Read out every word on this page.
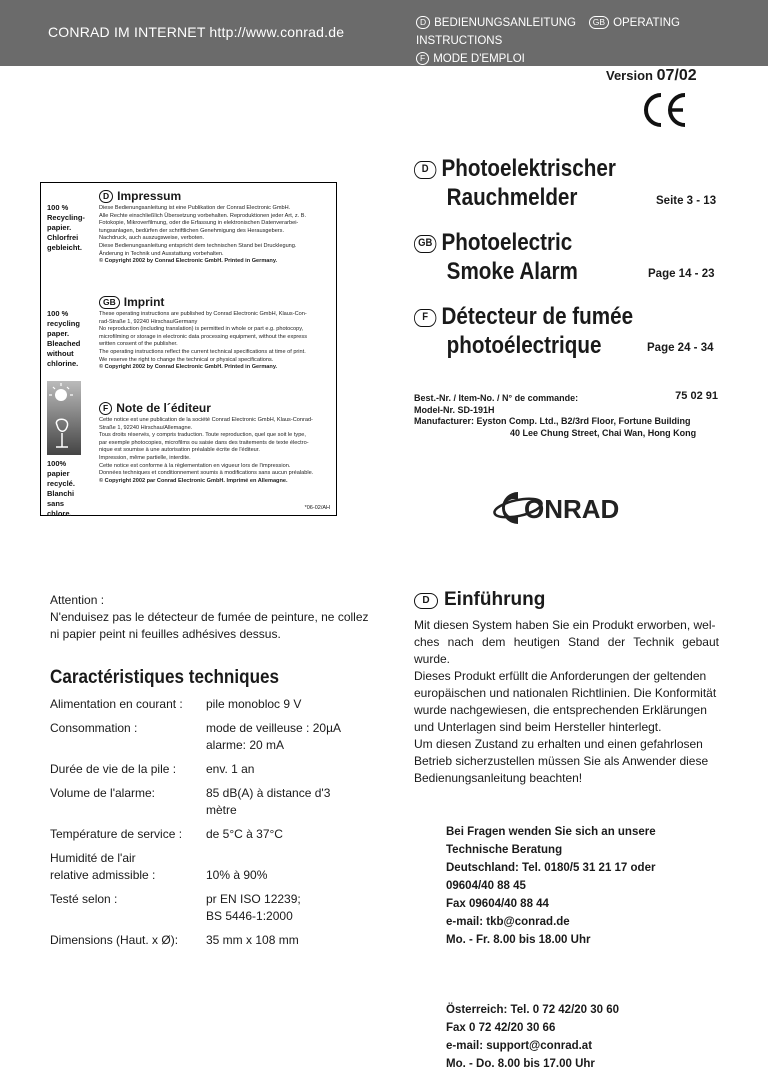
CONRAD IM INTERNET http://www.conrad.de
D BEDIENUNGSANLEITUNG GB OPERATING INSTRUCTIONS
F MODE D'EMPLOI
Version 07/02
100 %
Recycling-
papier.
Chlorfrei
gebleicht.
100 %
recycling
paper.
Bleached
without
chlorine.
100%
papier
recyclé.
Blanchi
sans
chlore.
D Impressum

Diese Bedienungsanleitung ist eine Publikation der Conrad Electronic GmbH.
Alle Rechte einschließlich Übersetzung vorbehalten. Reproduktionen jeder Art, z. B.
Fotokopie, Mikroverfilmung, oder die Erfassung in elektronischen Datenverarbei-
tungsanlagen, bedürfen der schriftlichen Genehmigung des Herausgebers.
Nachdruck, auch auszugsweise, verboten.
Diese Bedienungsanleitung entspricht dem technischen Stand bei Drucklegung.
Änderung in Technik und Ausstattung vorbehalten.

© Copyright 2002 by Conrad Electronic GmbH. Printed in Germany.

GB Imprint

These operating instructions are published by Conrad Electronic GmbH, Klaus-Con-
rad-Straße 1, 92240 Hirschau/Germany
No reproduction (including translation) is permitted in whole or part e.g. photocopy,
microfilming or storage in electronic data processing equipment, without the express
written consent of the publisher.
The operating instructions reflect the current technical specifications at time of print.
We reserve the right to change the technical or physical specifications.

© Copyright 2002 by Conrad Electronic GmbH. Printed in Germany.

F Note de l´éditeur

Cette notice est une publication de la société Conrad Electronic GmbH, Klaus-Conrad-
Straße 1, 92240 Hirschau/Allemagne.
Tous droits réservés, y compris traduction. Toute reproduction, quel que soit le type,
par exemple photocopies, microfilms ou saisie dans des traitements de texte électro-
nique est soumise à une autorisation préalable écrite de l'éditeur.
Impression, même partielle, interdite.
Cette notice est conforme à la règlementation en vigueur lors de l'impression.
Données techniques et conditionnement soumis à modifications sans aucun préalable.

© Copyright 2002 par Conrad Electronic GmbH. Imprimé en Allemagne.

*06-02/AH
D Photoelektrischer
Rauchmelder	Seite 3 - 13
GB Photoelectric
Smoke Alarm	Page 14 - 23
F Détecteur de fumée
photoélectrique	Page 24 - 34
Best.-Nr. / Item-No. / N° de commande:	75 02 91
Model-Nr. SD-191H
Manufacturer: Eyston Comp. Ltd., B2/3rd Floor, Fortune Building
40 Lee Chung Street, Chai Wan, Hong Kong
ONRAD
Attention :
N'enduisez pas le détecteur de fumée de peinture, ne collez ni papier peint ni feuilles adhésives dessus.
Caractéristiques techniques
Alimentation en courant :	pile monobloc 9 V
Consommation :	mode de veilleuse : 20µA
alarme: 20 mA
Durée de vie de la pile :	env. 1 an
Volume de l'alarme:	85 dB(A) à distance d'3
mètre
Température de service :	de 5°C à 37°C
Humidité de l'air
relative admissible :	
10% à 90%
Testé selon :	pr EN ISO 12239;
BS 5446-1:2000
Dimensions (Haut. x Ø):	35 mm x 108 mm
D Einführung
Mit diesen System haben Sie ein Produkt erworben, wel-
ches nach dem heutigen Stand der Technik gebaut wurde.
Dieses Produkt erfüllt die Anforderungen der geltenden
europäischen und nationalen Richtlinien. Die Konformität
wurde nachgewiesen, die entsprechenden Erklärungen
und Unterlagen sind beim Hersteller hinterlegt.
Um diesen Zustand zu erhalten und einen gefahrlosen
Betrieb sicherzustellen müssen Sie als Anwender diese
Bedienungsanleitung beachten!

Bei Fragen wenden Sie sich an unsere
Technische Beratung
Deutschland: Tel. 0180/5 31 21 17 oder
09604/40 88 45
Fax 09604/40 88 44
e-mail: tkb@conrad.de
Mo. - Fr. 8.00 bis 18.00 Uhr

Österreich: Tel. 0 72 42/20 30 60
Fax 0 72 42/20 30 66
e-mail: support@conrad.at
Mo. - Do. 8.00 bis 17.00 Uhr
